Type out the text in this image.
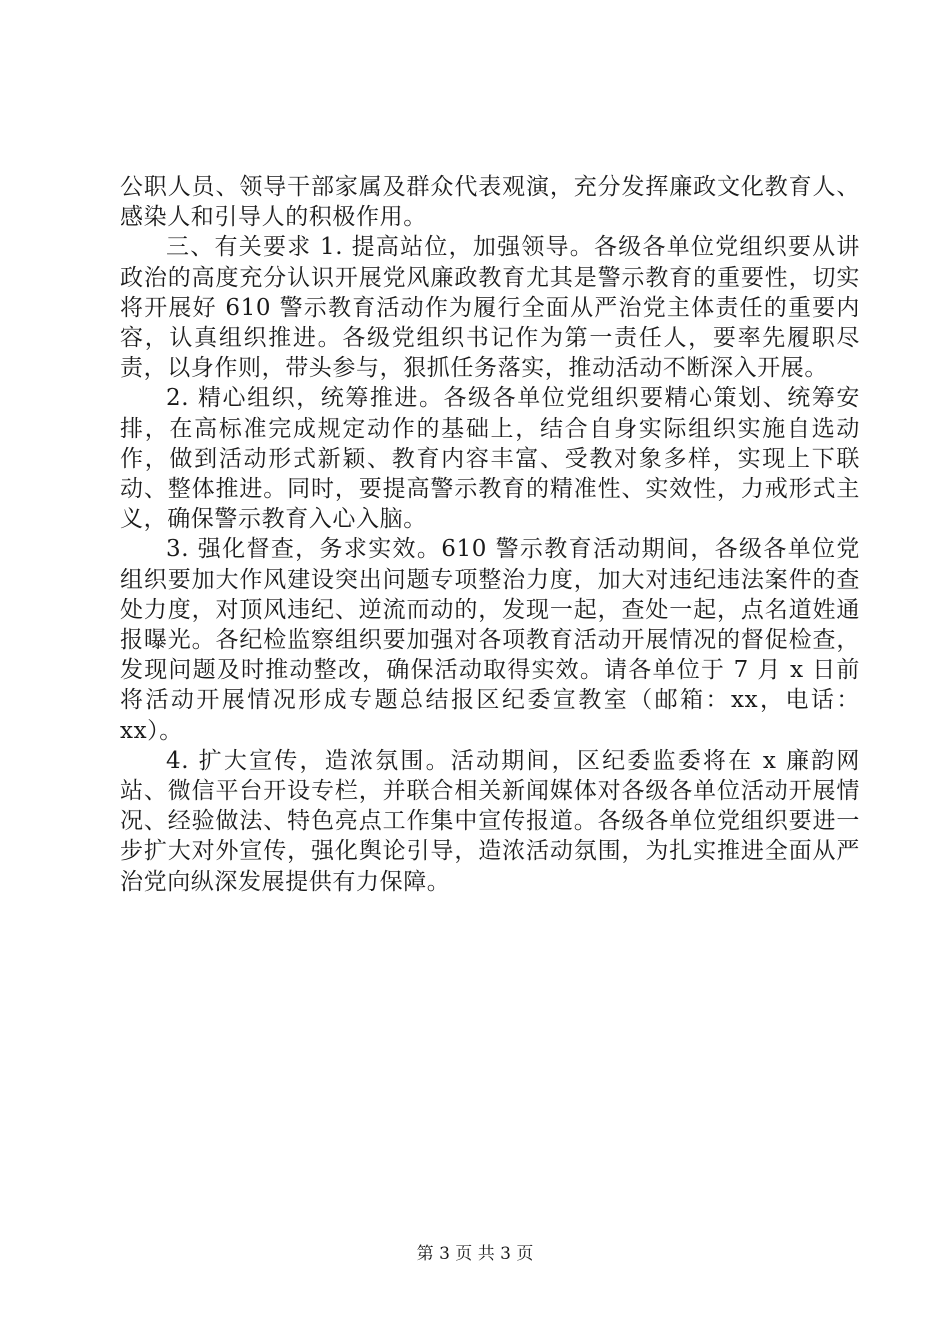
公职人员、领导干部家属及群众代表观演，充分发挥廉政文化教育人、感染人和引导人的积极作用。

三、有关要求 1. 提高站位，加强领导。各级各单位党组织要从讲政治的高度充分认识开展党风廉政教育尤其是警示教育的重要性，切实将开展好 610 警示教育活动作为履行全面从严治党主体责任的重要内容，认真组织推进。各级党组织书记作为第一责任人，要率先履职尽责，以身作则，带头参与，狠抓任务落实，推动活动不断深入开展。

2. 精心组织，统筹推进。各级各单位党组织要精心策划、统筹安排，在高标准完成规定动作的基础上，结合自身实际组织实施自选动作，做到活动形式新颖、教育内容丰富、受教对象多样，实现上下联动、整体推进。同时，要提高警示教育的精准性、实效性，力戒形式主义，确保警示教育入心入脑。

3. 强化督查，务求实效。610 警示教育活动期间，各级各单位党组织要加大作风建设突出问题专项整治力度，加大对违纪违法案件的查处力度，对顶风违纪、逆流而动的，发现一起，查处一起，点名道姓通报曝光。各纪检监察组织要加强对各项教育活动开展情况的督促检查，发现问题及时推动整改，确保活动取得实效。请各单位于 7 月 x 日前将活动开展情况形成专题总结报区纪委宣教室（邮箱：xx，电话：xx）。

4. 扩大宣传，造浓氛围。活动期间，区纪委监委将在 x 廉韵网站、微信平台开设专栏，并联合相关新闻媒体对各级各单位活动开展情况、经验做法、特色亮点工作集中宣传报道。各级各单位党组织要进一步扩大对外宣传，强化舆论引导，造浓活动氛围，为扎实推进全面从严治党向纵深发展提供有力保障。

第 3 页 共 3 页
